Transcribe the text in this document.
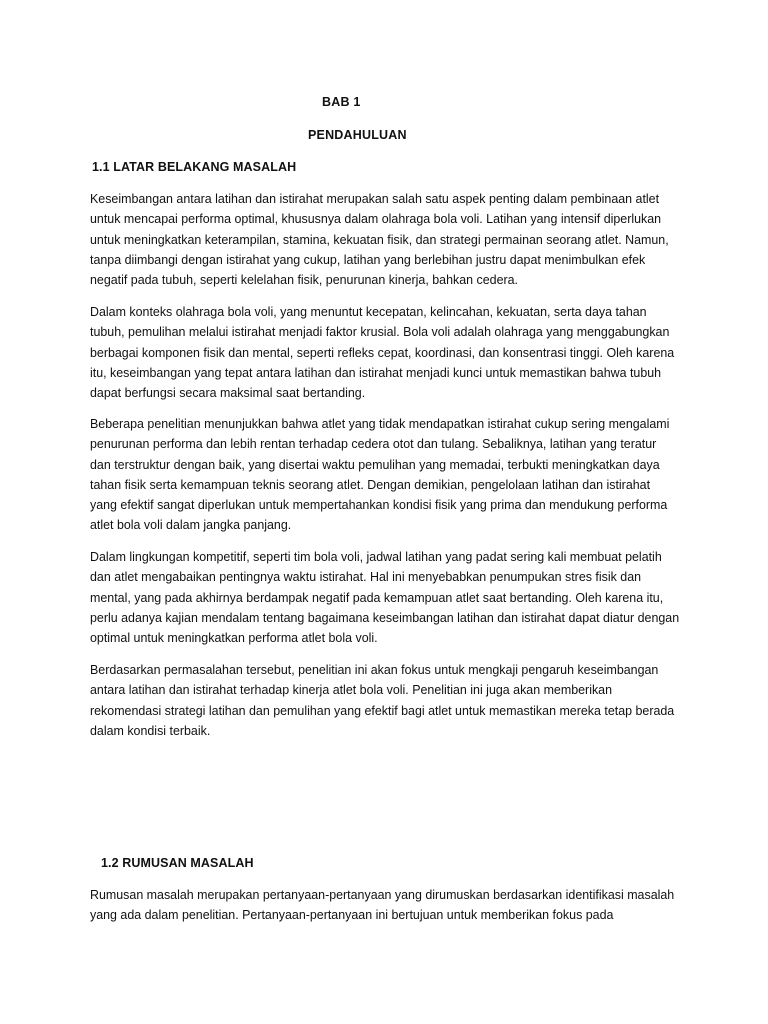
BAB 1
PENDAHULUAN
1.1 LATAR BELAKANG MASALAH

Keseimbangan antara latihan dan istirahat merupakan salah satu aspek penting dalam pembinaan atlet untuk mencapai performa optimal, khususnya dalam olahraga bola voli. Latihan yang intensif diperlukan untuk meningkatkan keterampilan, stamina, kekuatan fisik, dan strategi permainan seorang atlet. Namun, tanpa diimbangi dengan istirahat yang cukup, latihan yang berlebihan justru dapat menimbulkan efek negatif pada tubuh, seperti kelelahan fisik, penurunan kinerja, bahkan cedera.

Dalam konteks olahraga bola voli, yang menuntut kecepatan, kelincahan, kekuatan, serta daya tahan tubuh, pemulihan melalui istirahat menjadi faktor krusial. Bola voli adalah olahraga yang menggabungkan berbagai komponen fisik dan mental, seperti refleks cepat, koordinasi, dan konsentrasi tinggi. Oleh karena itu, keseimbangan yang tepat antara latihan dan istirahat menjadi kunci untuk memastikan bahwa tubuh dapat berfungsi secara maksimal saat bertanding.

Beberapa penelitian menunjukkan bahwa atlet yang tidak mendapatkan istirahat cukup sering mengalami penurunan performa dan lebih rentan terhadap cedera otot dan tulang. Sebaliknya, latihan yang teratur dan terstruktur dengan baik, yang disertai waktu pemulihan yang memadai, terbukti meningkatkan daya tahan fisik serta kemampuan teknis seorang atlet. Dengan demikian, pengelolaan latihan dan istirahat yang efektif sangat diperlukan untuk mempertahankan kondisi fisik yang prima dan mendukung performa atlet bola voli dalam jangka panjang.

Dalam lingkungan kompetitif, seperti tim bola voli, jadwal latihan yang padat sering kali membuat pelatih dan atlet mengabaikan pentingnya waktu istirahat. Hal ini menyebabkan penumpukan stres fisik dan mental, yang pada akhirnya berdampak negatif pada kemampuan atlet saat bertanding. Oleh karena itu, perlu adanya kajian mendalam tentang bagaimana keseimbangan latihan dan istirahat dapat diatur dengan optimal untuk meningkatkan performa atlet bola voli.

Berdasarkan permasalahan tersebut, penelitian ini akan fokus untuk mengkaji pengaruh keseimbangan antara latihan dan istirahat terhadap kinerja atlet bola voli. Penelitian ini juga akan memberikan rekomendasi strategi latihan dan pemulihan yang efektif bagi atlet untuk memastikan mereka tetap berada dalam kondisi terbaik.

1.2 RUMUSAN MASALAH

Rumusan masalah merupakan pertanyaan-pertanyaan yang dirumuskan berdasarkan identifikasi masalah yang ada dalam penelitian. Pertanyaan-pertanyaan ini bertujuan untuk memberikan fokus pada
